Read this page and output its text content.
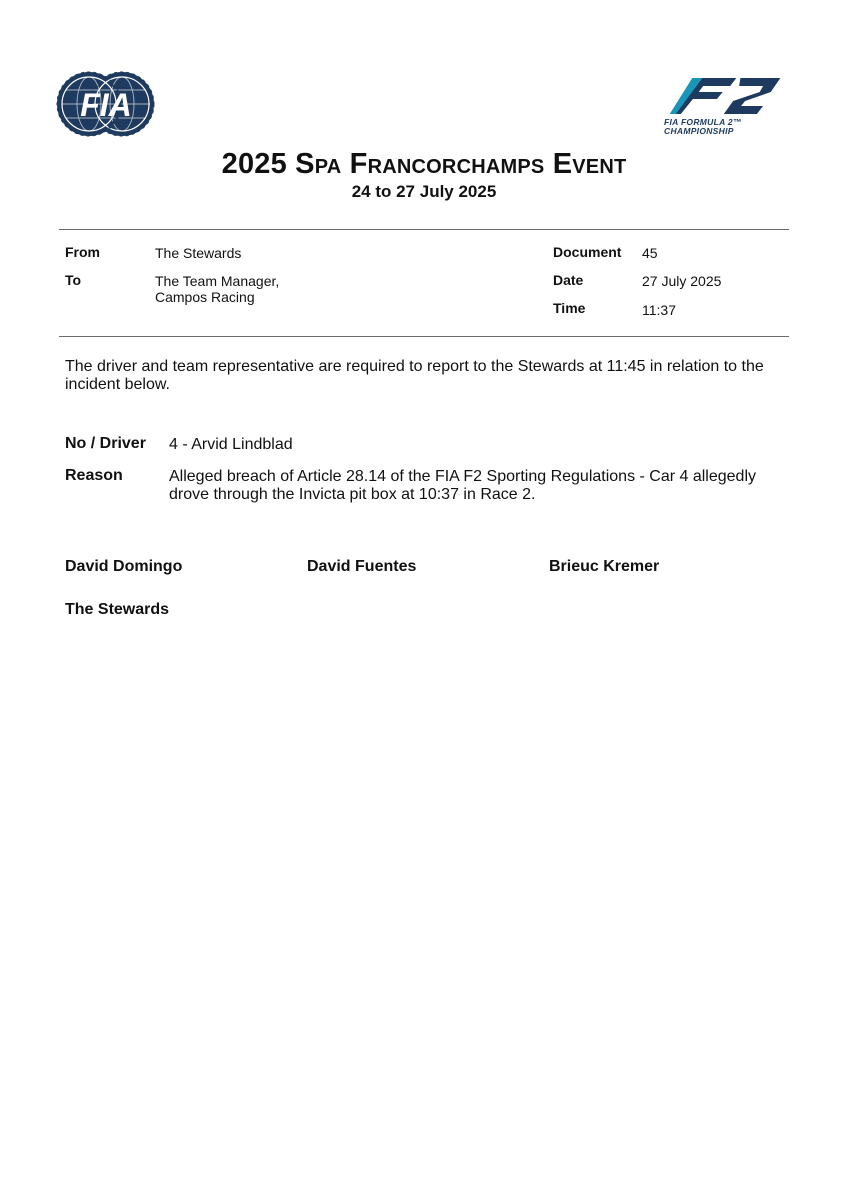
FIA	FIA FORMULA 2™
CHAMPIONSHIP
2025 Spa Francorchamps Event
24 to 27 July 2025
From	The Stewards
To	The Team Manager,
Campos Racing
Document 45
Date	27 July 2025
Time	11:37
The driver and team representative are required to report to the Stewards at 11:45 in relation to the
incident below.
No / Driver 4 - Arvid Lindblad
Reason	Alleged breach of Article 28.14 of the FIA F2 Sporting Regulations - Car 4 allegedly
drove through the Invicta pit box at 10:37 in Race 2.
David Domingo	David Fuentes	Brieuc Kremer
The Stewards
